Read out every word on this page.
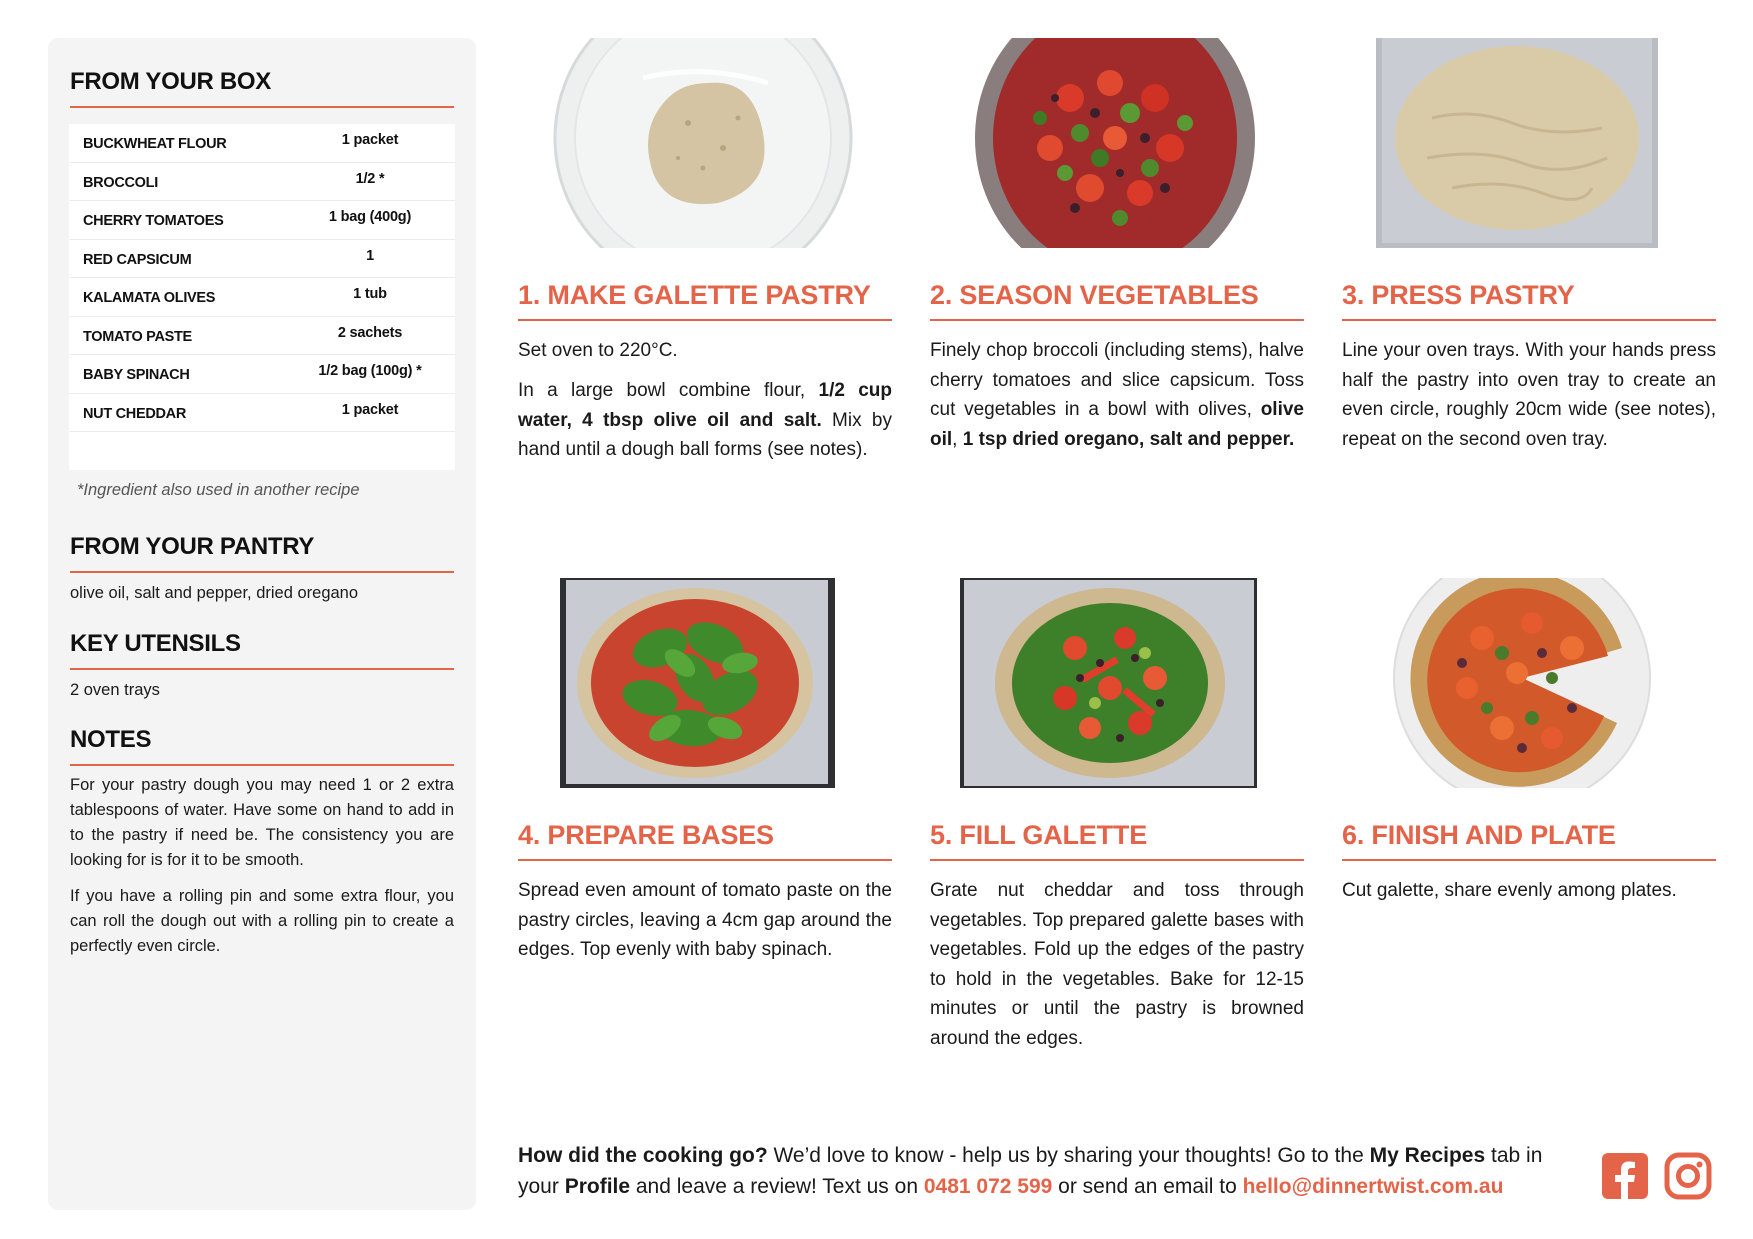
FROM YOUR BOX
BUCKWHEAT FLOUR	1 packet
BROCCOLI	1/2 *
CHERRY TOMATOES	1 bag (400g)
RED CAPSICUM	1
KALAMATA OLIVES	1 tub
TOMATO PASTE	2 sachets
BABY SPINACH	1/2 bag (100g) *
NUT CHEDDAR	1 packet
*Ingredient also used in another recipe
FROM YOUR PANTRY
olive oil, salt and pepper, dried oregano
KEY UTENSILS
2 oven trays
NOTES
For your pastry dough you may need 1 or 2 extra tablespoons of water. Have some on hand to add in to the pastry if need be. The consistency you are looking for is for it to be smooth.
If you have a rolling pin and some extra flour, you can roll the dough out with a rolling pin to create a perfectly even circle.
1. MAKE GALETTE PASTRY
Set oven to 220°C.
In a large bowl combine flour, 1/2 cup water, 4 tbsp olive oil and salt. Mix by hand until a dough ball forms (see notes).
2. SEASON VEGETABLES
Finely chop broccoli (including stems), halve cherry tomatoes and slice capsicum. Toss cut vegetables in a bowl with olives, olive oil, 1 tsp dried oregano, salt and pepper.
3. PRESS PASTRY
Line your oven trays. With your hands press half the pastry into oven tray to create an even circle, roughly 20cm wide (see notes), repeat on the second oven tray.
4. PREPARE BASES
Spread even amount of tomato paste on the pastry circles, leaving a 4cm gap around the edges. Top evenly with baby spinach.
5. FILL GALETTE
Grate nut cheddar and toss through vegetables. Top prepared galette bases with vegetables. Fold up the edges of the pastry to hold in the vegetables. Bake for 12-15 minutes or until the pastry is browned around the edges.
6. FINISH AND PLATE
Cut galette, share evenly among plates.
How did the cooking go? We’d love to know - help us by sharing your thoughts! Go to the My Recipes tab in your Profile and leave a review! Text us on 0481 072 599 or send an email to hello@dinnertwist.com.au
